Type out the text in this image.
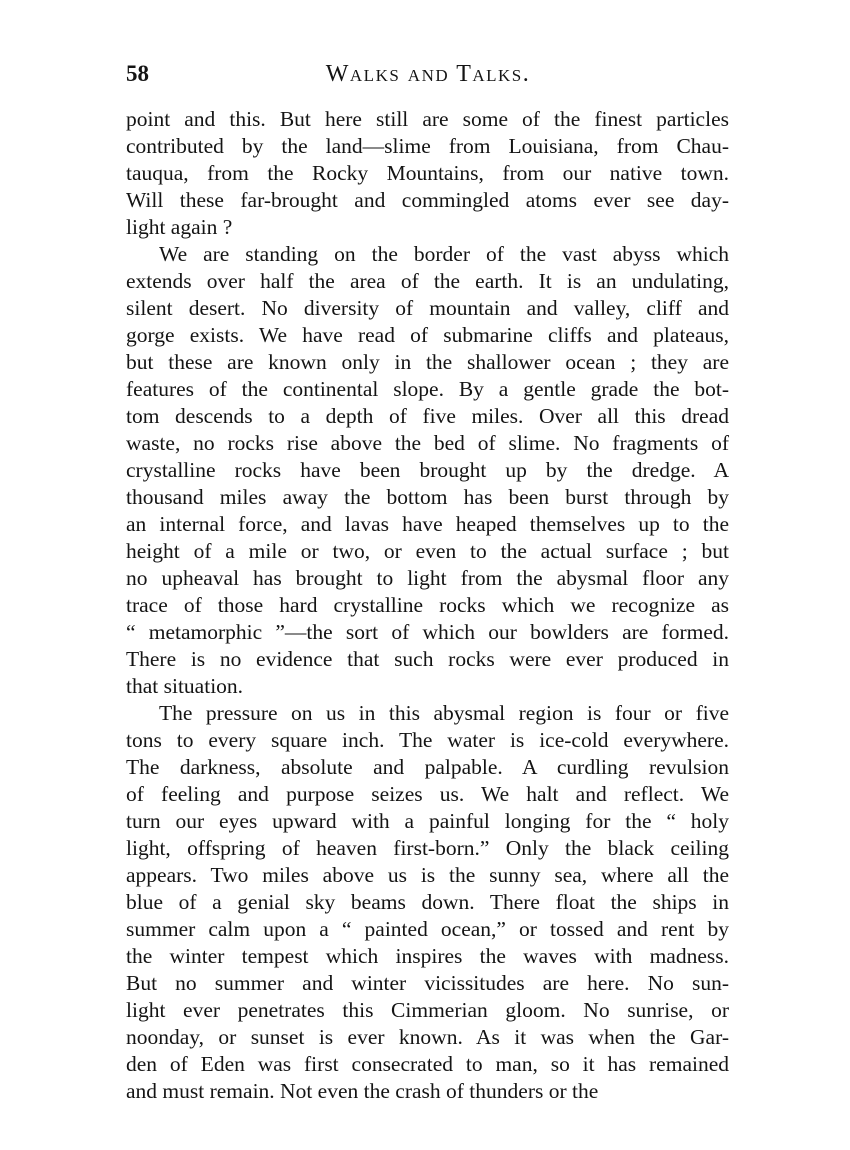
58	Walks and Talks.
point and this. But here still are some of the finest particles
contributed by the land—slime from Louisiana, from Chau-
tauqua, from the Rocky Mountains, from our native town.
Will these far-brought and commingled atoms ever see day-
light again ?
We are standing on the border of the vast abyss which
extends over half the area of the earth. It is an undulating,
silent desert. No diversity of mountain and valley, cliff and
gorge exists. We have read of submarine cliffs and plateaus,
but these are known only in the shallower ocean ; they are
features of the continental slope. By a gentle grade the bot-
tom descends to a depth of five miles. Over all this dread
waste, no rocks rise above the bed of slime. No fragments of
crystalline rocks have been brought up by the dredge. A
thousand miles away the bottom has been burst through by
an internal force, and lavas have heaped themselves up to the
height of a mile or two, or even to the actual surface ; but
no upheaval has brought to light from the abysmal floor any
trace of those hard crystalline rocks which we recognize as
“ metamorphic ”—the sort of which our bowlders are formed.
There is no evidence that such rocks were ever produced in
that situation.
The pressure on us in this abysmal region is four or five
tons to every square inch. The water is ice-cold everywhere.
The darkness, absolute and palpable. A curdling revulsion
of feeling and purpose seizes us. We halt and reflect. We
turn our eyes upward with a painful longing for the “ holy
light, offspring of heaven first-born.” Only the black ceiling
appears. Two miles above us is the sunny sea, where all the
blue of a genial sky beams down. There float the ships in
summer calm upon a “ painted ocean,” or tossed and rent by
the winter tempest which inspires the waves with madness.
But no summer and winter vicissitudes are here. No sun-
light ever penetrates this Cimmerian gloom. No sunrise, or
noonday, or sunset is ever known. As it was when the Gar-
den of Eden was first consecrated to man, so it has remained
and must remain. Not even the crash of thunders or the
